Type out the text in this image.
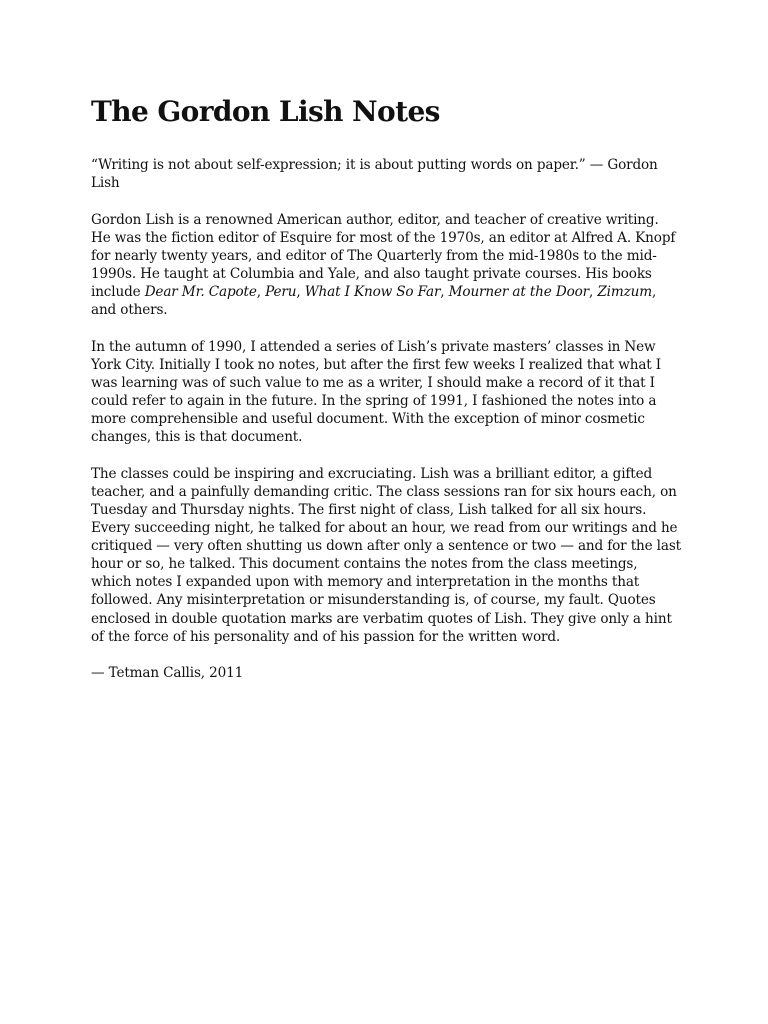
The Gordon Lish Notes

“Writing is not about self-expression; it is about putting words on paper.” — Gordon Lish

Gordon Lish is a renowned American author, editor, and teacher of creative writing. He was the fiction editor of Esquire for most of the 1970s, an editor at Alfred A. Knopf for nearly twenty years, and editor of The Quarterly from the mid-1980s to the mid-1990s. He taught at Columbia and Yale, and also taught private courses. His books include Dear Mr. Capote, Peru, What I Know So Far, Mourner at the Door, Zimzum, and others.

In the autumn of 1990, I attended a series of Lish’s private masters’ classes in New York City. Initially I took no notes, but after the first few weeks I realized that what I was learning was of such value to me as a writer, I should make a record of it that I could refer to again in the future. In the spring of 1991, I fashioned the notes into a more comprehensible and useful document. With the exception of minor cosmetic changes, this is that document.

The classes could be inspiring and excruciating. Lish was a brilliant editor, a gifted teacher, and a painfully demanding critic. The class sessions ran for six hours each, on Tuesday and Thursday nights. The first night of class, Lish talked for all six hours. Every succeeding night, he talked for about an hour, we read from our writings and he critiqued — very often shutting us down after only a sentence or two — and for the last hour or so, he talked. This document contains the notes from the class meetings, which notes I expanded upon with memory and interpretation in the months that followed. Any misinterpretation or misunderstanding is, of course, my fault. Quotes enclosed in double quotation marks are verbatim quotes of Lish. They give only a hint of the force of his personality and of his passion for the written word.

— Tetman Callis, 2011
